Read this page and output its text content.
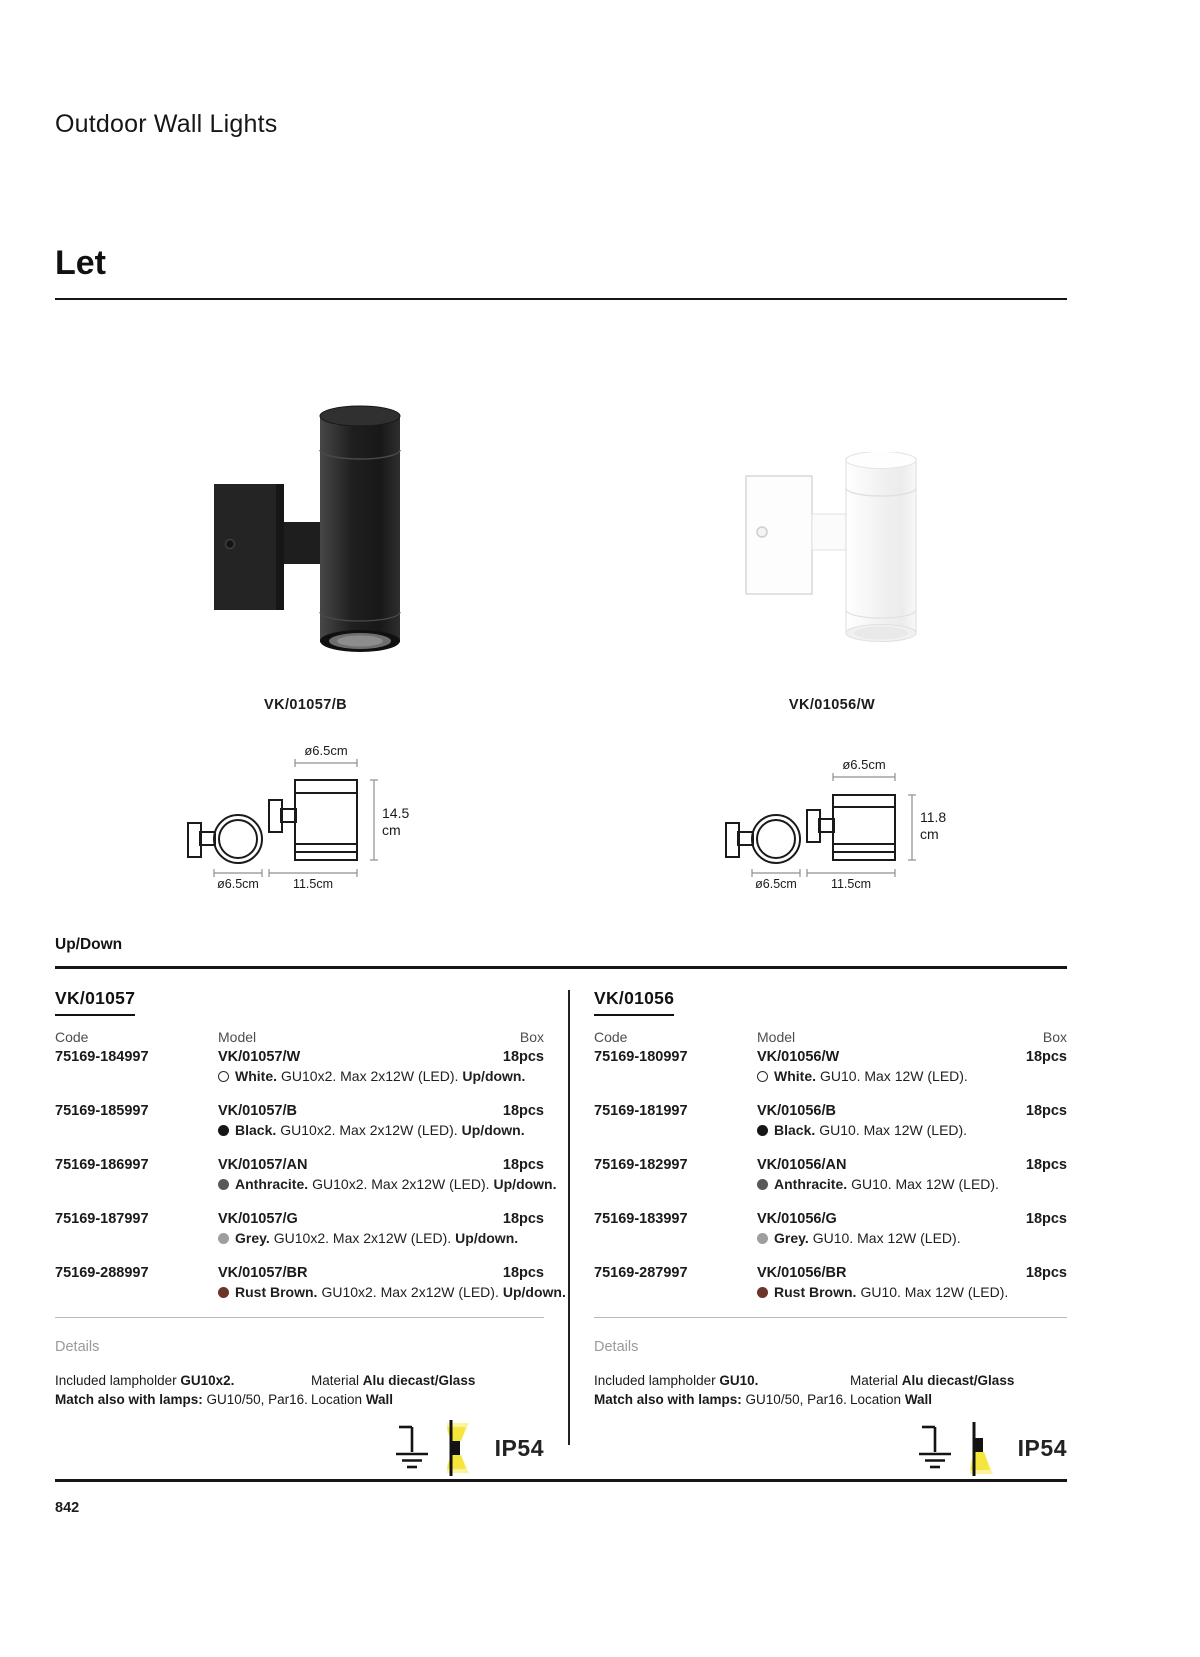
Outdoor Wall Lights
Let
VK/01057/B	VK/01056/W
ø6.5cm
14.5
cm
ø6.5cm	11.5cm
ø6.5cm
11.8
cm
ø6.5cm	11.5cm
Up/Down
VK/01057
Code	Model	Box
75169-184997	VK/01057/W	18pcs
White. GU10x2. Max 2x12W (LED). Up/down.
75169-185997	VK/01057/B	18pcs
Black. GU10x2. Max 2x12W (LED). Up/down.
75169-186997	VK/01057/AN	18pcs
Anthracite. GU10x2. Max 2x12W (LED). Up/down.
75169-187997	VK/01057/G	18pcs
Grey. GU10x2. Max 2x12W (LED). Up/down.
75169-288997	VK/01057/BR	18pcs
Rust Brown. GU10x2. Max 2x12W (LED). Up/down.
Details
Included lampholder GU10x2.
Match also with lamps: GU10/50, Par16.
Material Alu diecast/Glass
Location Wall
IP54
VK/01056
Code	Model	Box
75169-180997	VK/01056/W	18pcs
White. GU10. Max 12W (LED).
75169-181997	VK/01056/B	18pcs
Black. GU10. Max 12W (LED).
75169-182997	VK/01056/AN	18pcs
Anthracite. GU10. Max 12W (LED).
75169-183997	VK/01056/G	18pcs
Grey. GU10. Max 12W (LED).
75169-287997	VK/01056/BR	18pcs
Rust Brown. GU10. Max 12W (LED).
Details
Included lampholder GU10.
Match also with lamps: GU10/50, Par16.
Material Alu diecast/Glass
Location Wall
IP54
842
